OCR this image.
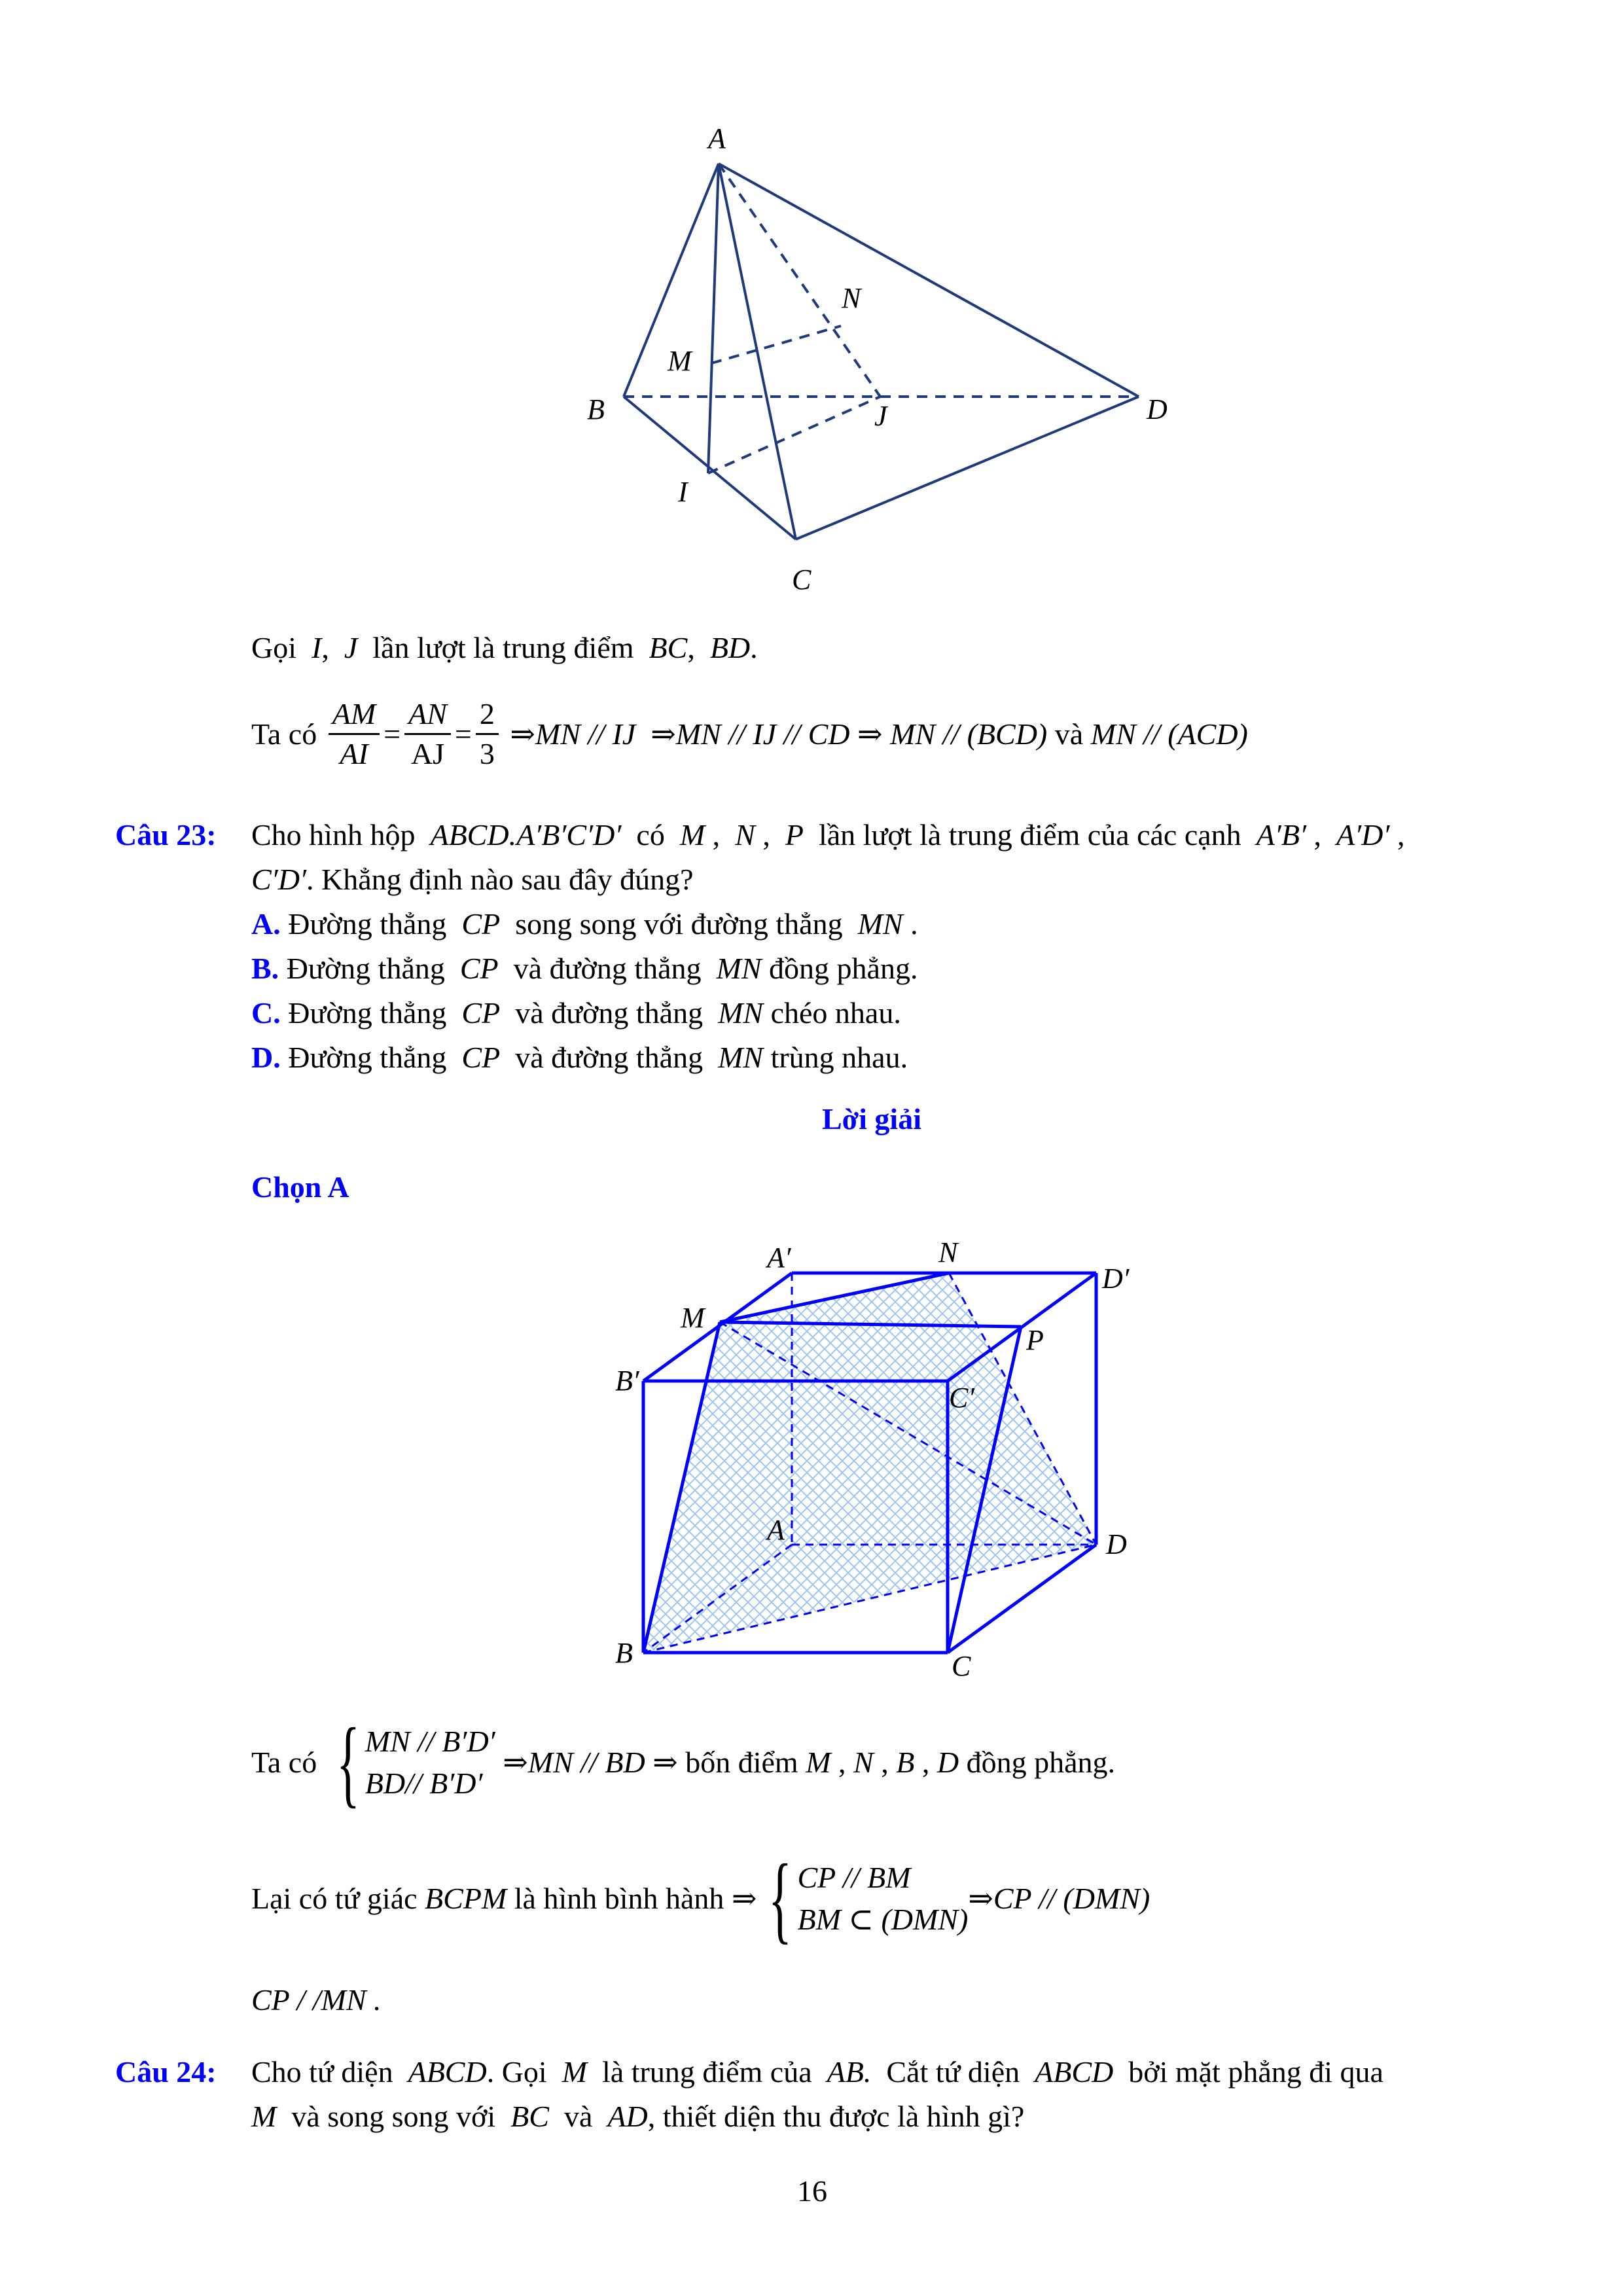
A
B
C
D
I
J
M
N
Gọi I, J lần lượt là trung điểm BC, BD.
Ta có
$\frac{AM}{AI} = \frac{AN}{AJ} = \frac{2}{3}$
⇒ MN // IJ
⇒ MN // IJ // CD
⇒
MN // (BCD)
và
MN // (ACD)
Câu 23: Cho hình hộp ABCD.A′B′C′D′ có M , N , P lần lượt là trung điểm của các cạnh A′B′ , A′D′ ,
C′D′. Khẳng định nào sau đây đúng?
A. Đường thẳng CP song song với đường thẳng MN .
B. Đường thẳng CP và đường thẳng MN đồng phẳng.
C. Đường thẳng CP và đường thẳng MN chéo nhau.
D. Đường thẳng CP và đường thẳng MN trùng nhau.
Lời giải
Chọn A
A′	N
D′
M
P
B′
C′
A	D
B	C
Ta có
{ MN // B′D′
BD// B′D′

⇒ MN // BD
⇒
bốn điểm
M
,
N
,
B
,
D
đồng phẳng.
Lại có tứ giác
BCPM
là hình bình hành
⇒ { CP // BM
BM ⊂ (DMN)
⇒ CP // (DMN)
CP / /MN .
Câu 24: Cho tứ diện ABCD. Gọi M là trung điểm của AB. Cắt tứ diện ABCD bởi mặt phẳng đi qua
M và song song với BC và AD, thiết diện thu được là hình gì?
16
